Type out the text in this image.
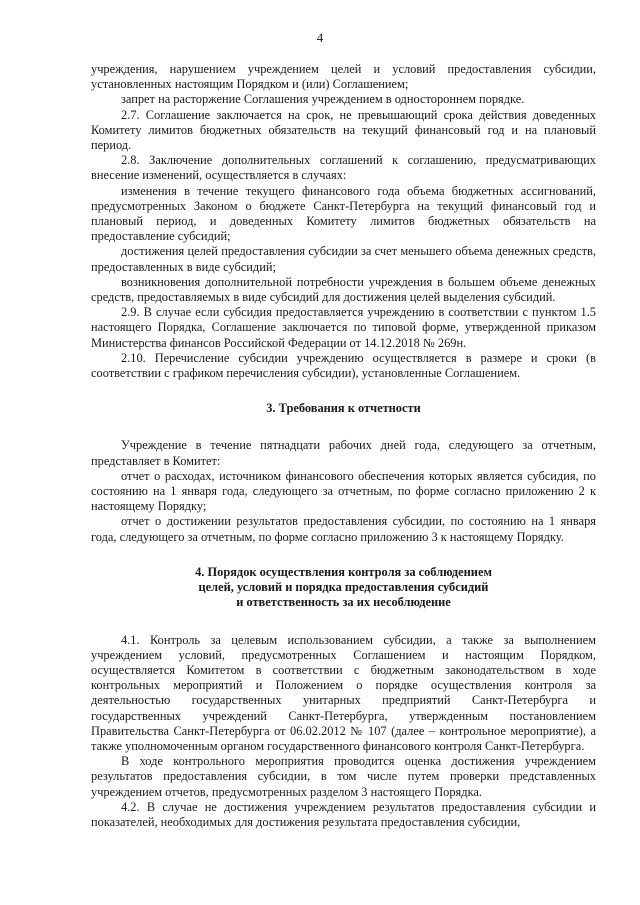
4

учреждения, нарушением учреждением целей и условий предоставления субсидии, установленных настоящим Порядком и (или) Соглашением;

запрет на расторжение Соглашения учреждением в одностороннем порядке.

2.7. Соглашение заключается на срок, не превышающий срока действия доведенных Комитету лимитов бюджетных обязательств на текущий финансовый год и на плановый период.

2.8. Заключение дополнительных соглашений к соглашению, предусматривающих внесение изменений, осуществляется в случаях:

изменения в течение текущего финансового года объема бюджетных ассигнований, предусмотренных Законом о бюджете Санкт-Петербурга на текущий финансовый год и плановый период, и доведенных Комитету лимитов бюджетных обязательств на предоставление субсидий;

достижения целей предоставления субсидии за счет меньшего объема денежных средств, предоставленных в виде субсидий;

возникновения дополнительной потребности учреждения в большем объеме денежных средств, предоставляемых в виде субсидий для достижения целей выделения субсидий.

2.9. В случае если субсидия предоставляется учреждению в соответствии с пунктом 1.5 настоящего Порядка, Соглашение заключается по типовой форме, утвержденной приказом Министерства финансов Российской Федерации от 14.12.2018 № 269н.

2.10. Перечисление субсидии учреждению осуществляется в размере и сроки (в соответствии с графиком перечисления субсидии), установленные Соглашением.

3. Требования к отчетности

Учреждение в течение пятнадцати рабочих дней года, следующего за отчетным, представляет в Комитет:

отчет о расходах, источником финансового обеспечения которых является субсидия, по состоянию на 1 января года, следующего за отчетным, по форме согласно приложению 2 к настоящему Порядку;

отчет о достижении результатов предоставления субсидии, по состоянию на 1 января года, следующего за отчетным, по форме согласно приложению 3 к настоящему Порядку.

4. Порядок осуществления контроля за соблюдением

целей, условий и порядка предоставления субсидий

и ответственность за их несоблюдение

4.1. Контроль за целевым использованием субсидии, а также за выполнением учреждением условий, предусмотренных Соглашением и настоящим Порядком, осуществляется Комитетом в соответствии с бюджетным законодательством в ходе контрольных мероприятий и Положением о порядке осуществления контроля за деятельностью государственных унитарных предприятий Санкт-Петербурга и государственных учреждений Санкт-Петербурга, утвержденным постановлением Правительства Санкт-Петербурга от 06.02.2012 № 107 (далее – контрольное мероприятие), а также уполномоченным органом государственного финансового контроля Санкт-Петербурга.

В ходе контрольного мероприятия проводится оценка достижения учреждением результатов предоставления субсидии, в том числе путем проверки представленных учреждением отчетов, предусмотренных разделом 3 настоящего Порядка.

4.2. В случае не достижения учреждением результатов предоставления субсидии и показателей, необходимых для достижения результата предоставления субсидии,
